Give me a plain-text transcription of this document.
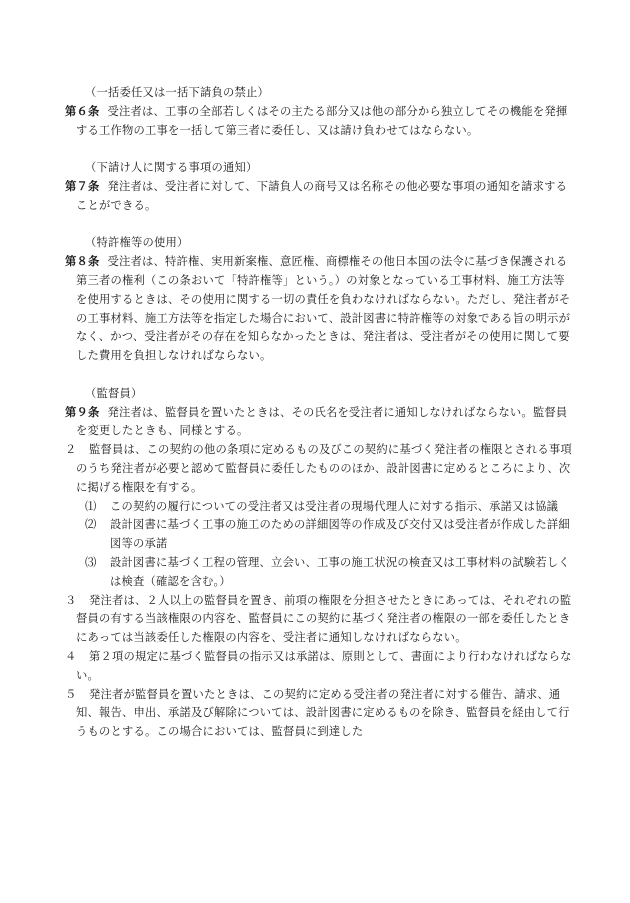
（一括委任又は一括下請負の禁止）

第６条 受注者は、工事の全部若しくはその主たる部分又は他の部分から独立してその機能を発揮する工作物の工事を一括して第三者に委任し、又は請け負わせてはならない。

（下請け人に関する事項の通知）

第７条 発注者は、受注者に対して、下請負人の商号又は名称その他必要な事項の通知を請求することができる。

（特許権等の使用）

第８条 受注者は、特許権、実用新案権、意匠権、商標権その他日本国の法令に基づき保護される第三者の権利（この条おいて「特許権等」という。）の対象となっている工事材料、施工方法等を使用するときは、その使用に関する一切の責任を負わなければならない。ただし、発注者がその工事材料、施工方法等を指定した場合において、設計図書に特許権等の対象である旨の明示がなく、かつ、受注者がその存在を知らなかったときは、発注者は、受注者がその使用に関して要した費用を負担しなければならない。

（監督員）

第９条 発注者は、監督員を置いたときは、その氏名を受注者に通知しなければならない。監督員を変更したときも、同様とする。

２ 監督員は、この契約の他の条項に定めるもの及びこの契約に基づく発注者の権限とされる事項のうち発注者が必要と認めて監督員に委任したもののほか、設計図書に定めるところにより、次に掲げる権限を有する。

⑴ この契約の履行についての受注者又は受注者の現場代理人に対する指示、承諾又は協議

⑵ 設計図書に基づく工事の施工のための詳細図等の作成及び交付又は受注者が作成した詳細図等の承諾

⑶ 設計図書に基づく工程の管理、立会い、工事の施工状況の検査又は工事材料の試験若しくは検査（確認を含む。）

３ 発注者は、２人以上の監督員を置き、前項の権限を分担させたときにあっては、それぞれの監督員の有する当該権限の内容を、監督員にこの契約に基づく発注者の権限の一部を委任したときにあっては当該委任した権限の内容を、受注者に通知しなければならない。

４ 第２項の規定に基づく監督員の指示又は承諾は、原則として、書面により行わなければならない。

５ 発注者が監督員を置いたときは、この契約に定める受注者の発注者に対する催告、請求、通知、報告、申出、承諾及び解除については、設計図書に定めるものを除き、監督員を経由して行うものとする。この場合においては、監督員に到達した
